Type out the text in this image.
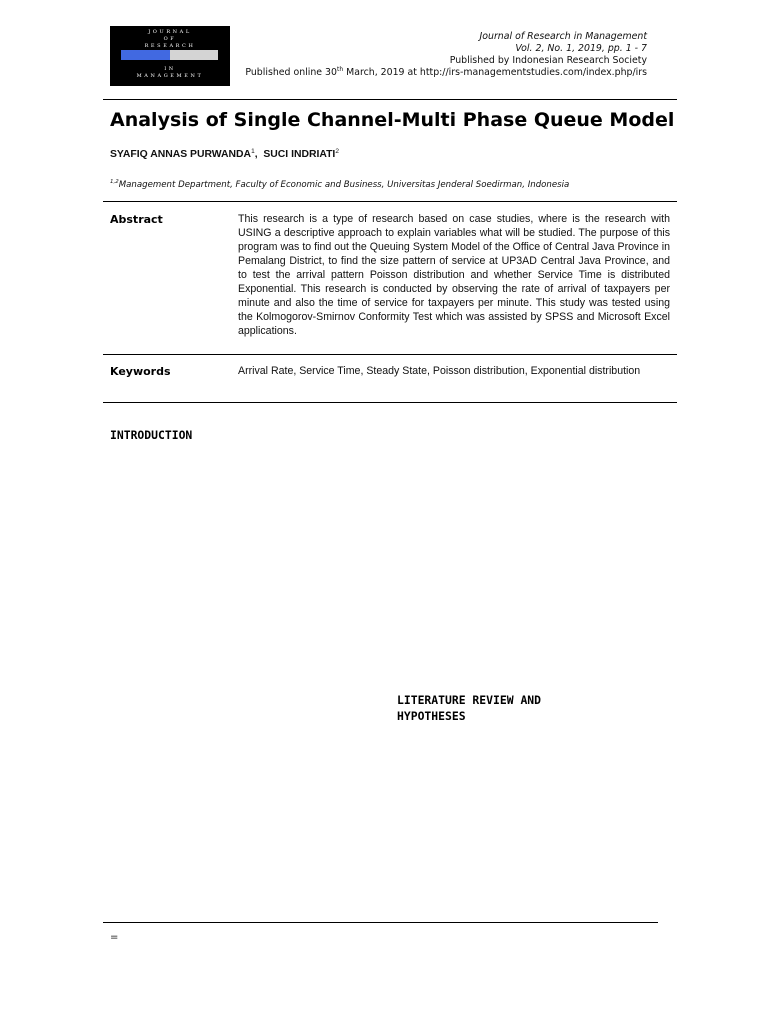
JOURNAL
OF
RESEARCH
IN
MANAGEMENT
Journal of Research in Management
Vol. 2, No. 1, 2019, pp. 1 - 7
Published by Indonesian Research Society
Published online 30th March, 2019 at http://irs-managementstudies.com/index.php/irs
Analysis of Single Channel-Multi Phase Queue Model
SYAFIQ ANNAS PURWANDA$^1$,  SUCI INDRIATI$^2$
$^{1,2}$Management Department, Faculty of Economic and Business, Universitas Jenderal Soedirman, Indonesia
Abstract	This research is a type of research based on case studies, where is the research with USING a descriptive approach to explain variables what will be studied. The purpose of this program was to find out the Queuing System Model of the Office of Central Java Province in Pemalang District, to find the size pattern of service at UP3AD Central Java Province, and to test the arrival pattern Poisson distribution and whether Service Time is distributed Exponential. This research is conducted by observing the rate of arrival of taxpayers per minute and also the time of service for taxpayers per minute. This study was tested using the Kolmogorov-Smirnov Conformity Test which was assisted by SPSS and Microsoft Excel applications.
Keywords	Arrival Rate, Service Time, Steady State, Poisson distribution, Exponential distribution
INTRODUCTION
LITERATURE REVIEW AND
HYPOTHESES
=
